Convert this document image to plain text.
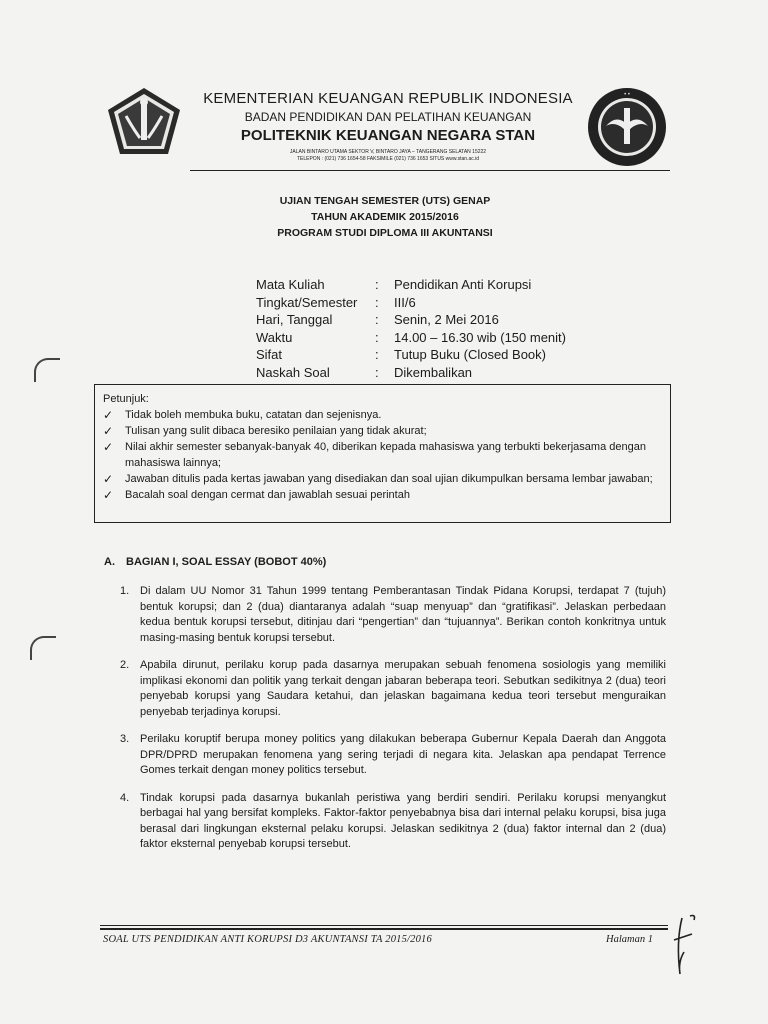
• •
KEMENTERIAN KEUANGAN REPUBLIK INDONESIA
BADAN PENDIDIKAN DAN PELATIHAN KEUANGAN
POLITEKNIK KEUANGAN NEGARA STAN
JALAN BINTARO UTAMA SEKTOR V, BINTARO JAYA – TANGERANG SELATAN 15222
TELEPON : (021) 736 1654-58 FAKSIMILE (021) 736 1653 SITUS www.stan.ac.id
UJIAN TENGAH SEMESTER (UTS) GENAP
TAHUN AKADEMIK 2015/2016
PROGRAM STUDI DIPLOMA III AKUNTANSI
Mata Kuliah	:	Pendidikan Anti Korupsi
Tingkat/Semester	:	III/6
Hari, Tanggal	:	Senin, 2 Mei 2016
Waktu	:	14.00 – 16.30 wib (150 menit)
Sifat	:	Tutup Buku (Closed Book)
Naskah Soal	:	Dikembalikan
Petunjuk:
✓ Tidak boleh membuka buku, catatan dan sejenisnya.
✓ Tulisan yang sulit dibaca beresiko penilaian yang tidak akurat;
✓ Nilai akhir semester sebanyak-banyak 40, diberikan kepada mahasiswa yang terbukti bekerjasama dengan mahasiswa lainnya;
✓ Jawaban ditulis pada kertas jawaban yang disediakan dan soal ujian dikumpulkan bersama lembar jawaban;
✓ Bacalah soal dengan cermat dan jawablah sesuai perintah
A. BAGIAN I, SOAL ESSAY (BOBOT 40%)
1. Di dalam UU Nomor 31 Tahun 1999 tentang Pemberantasan Tindak Pidana Korupsi, terdapat 7 (tujuh) bentuk korupsi; dan 2 (dua) diantaranya adalah “suap menyuap” dan “gratifikasi”. Jelaskan perbedaan kedua bentuk korupsi tersebut, ditinjau dari “pengertian” dan “tujuannya”. Berikan contoh konkritnya untuk masing-masing bentuk korupsi tersebut.
2. Apabila dirunut, perilaku korup pada dasarnya merupakan sebuah fenomena sosiologis yang memiliki implikasi ekonomi dan politik yang terkait dengan jabaran beberapa teori. Sebutkan sedikitnya 2 (dua) teori penyebab korupsi yang Saudara ketahui, dan jelaskan bagaimana kedua teori tersebut menguraikan penyebab terjadinya korupsi.
3. Perilaku koruptif berupa money politics yang dilakukan beberapa Gubernur Kepala Daerah dan Anggota DPR/DPRD merupakan fenomena yang sering terjadi di negara kita. Jelaskan apa pendapat Terrence Gomes terkait dengan money politics tersebut.
4. Tindak korupsi pada dasarnya bukanlah peristiwa yang berdiri sendiri. Perilaku korupsi menyangkut berbagai hal yang bersifat kompleks. Faktor-faktor penyebabnya bisa dari internal pelaku korupsi, bisa juga berasal dari lingkungan eksternal pelaku korupsi. Jelaskan sedikitnya 2 (dua) faktor internal dan 2 (dua) faktor eksternal penyebab korupsi tersebut.
SOAL UTS PENDIDIKAN ANTI KORUPSI D3 AKUNTANSI TA 2015/2016	Halaman 1
